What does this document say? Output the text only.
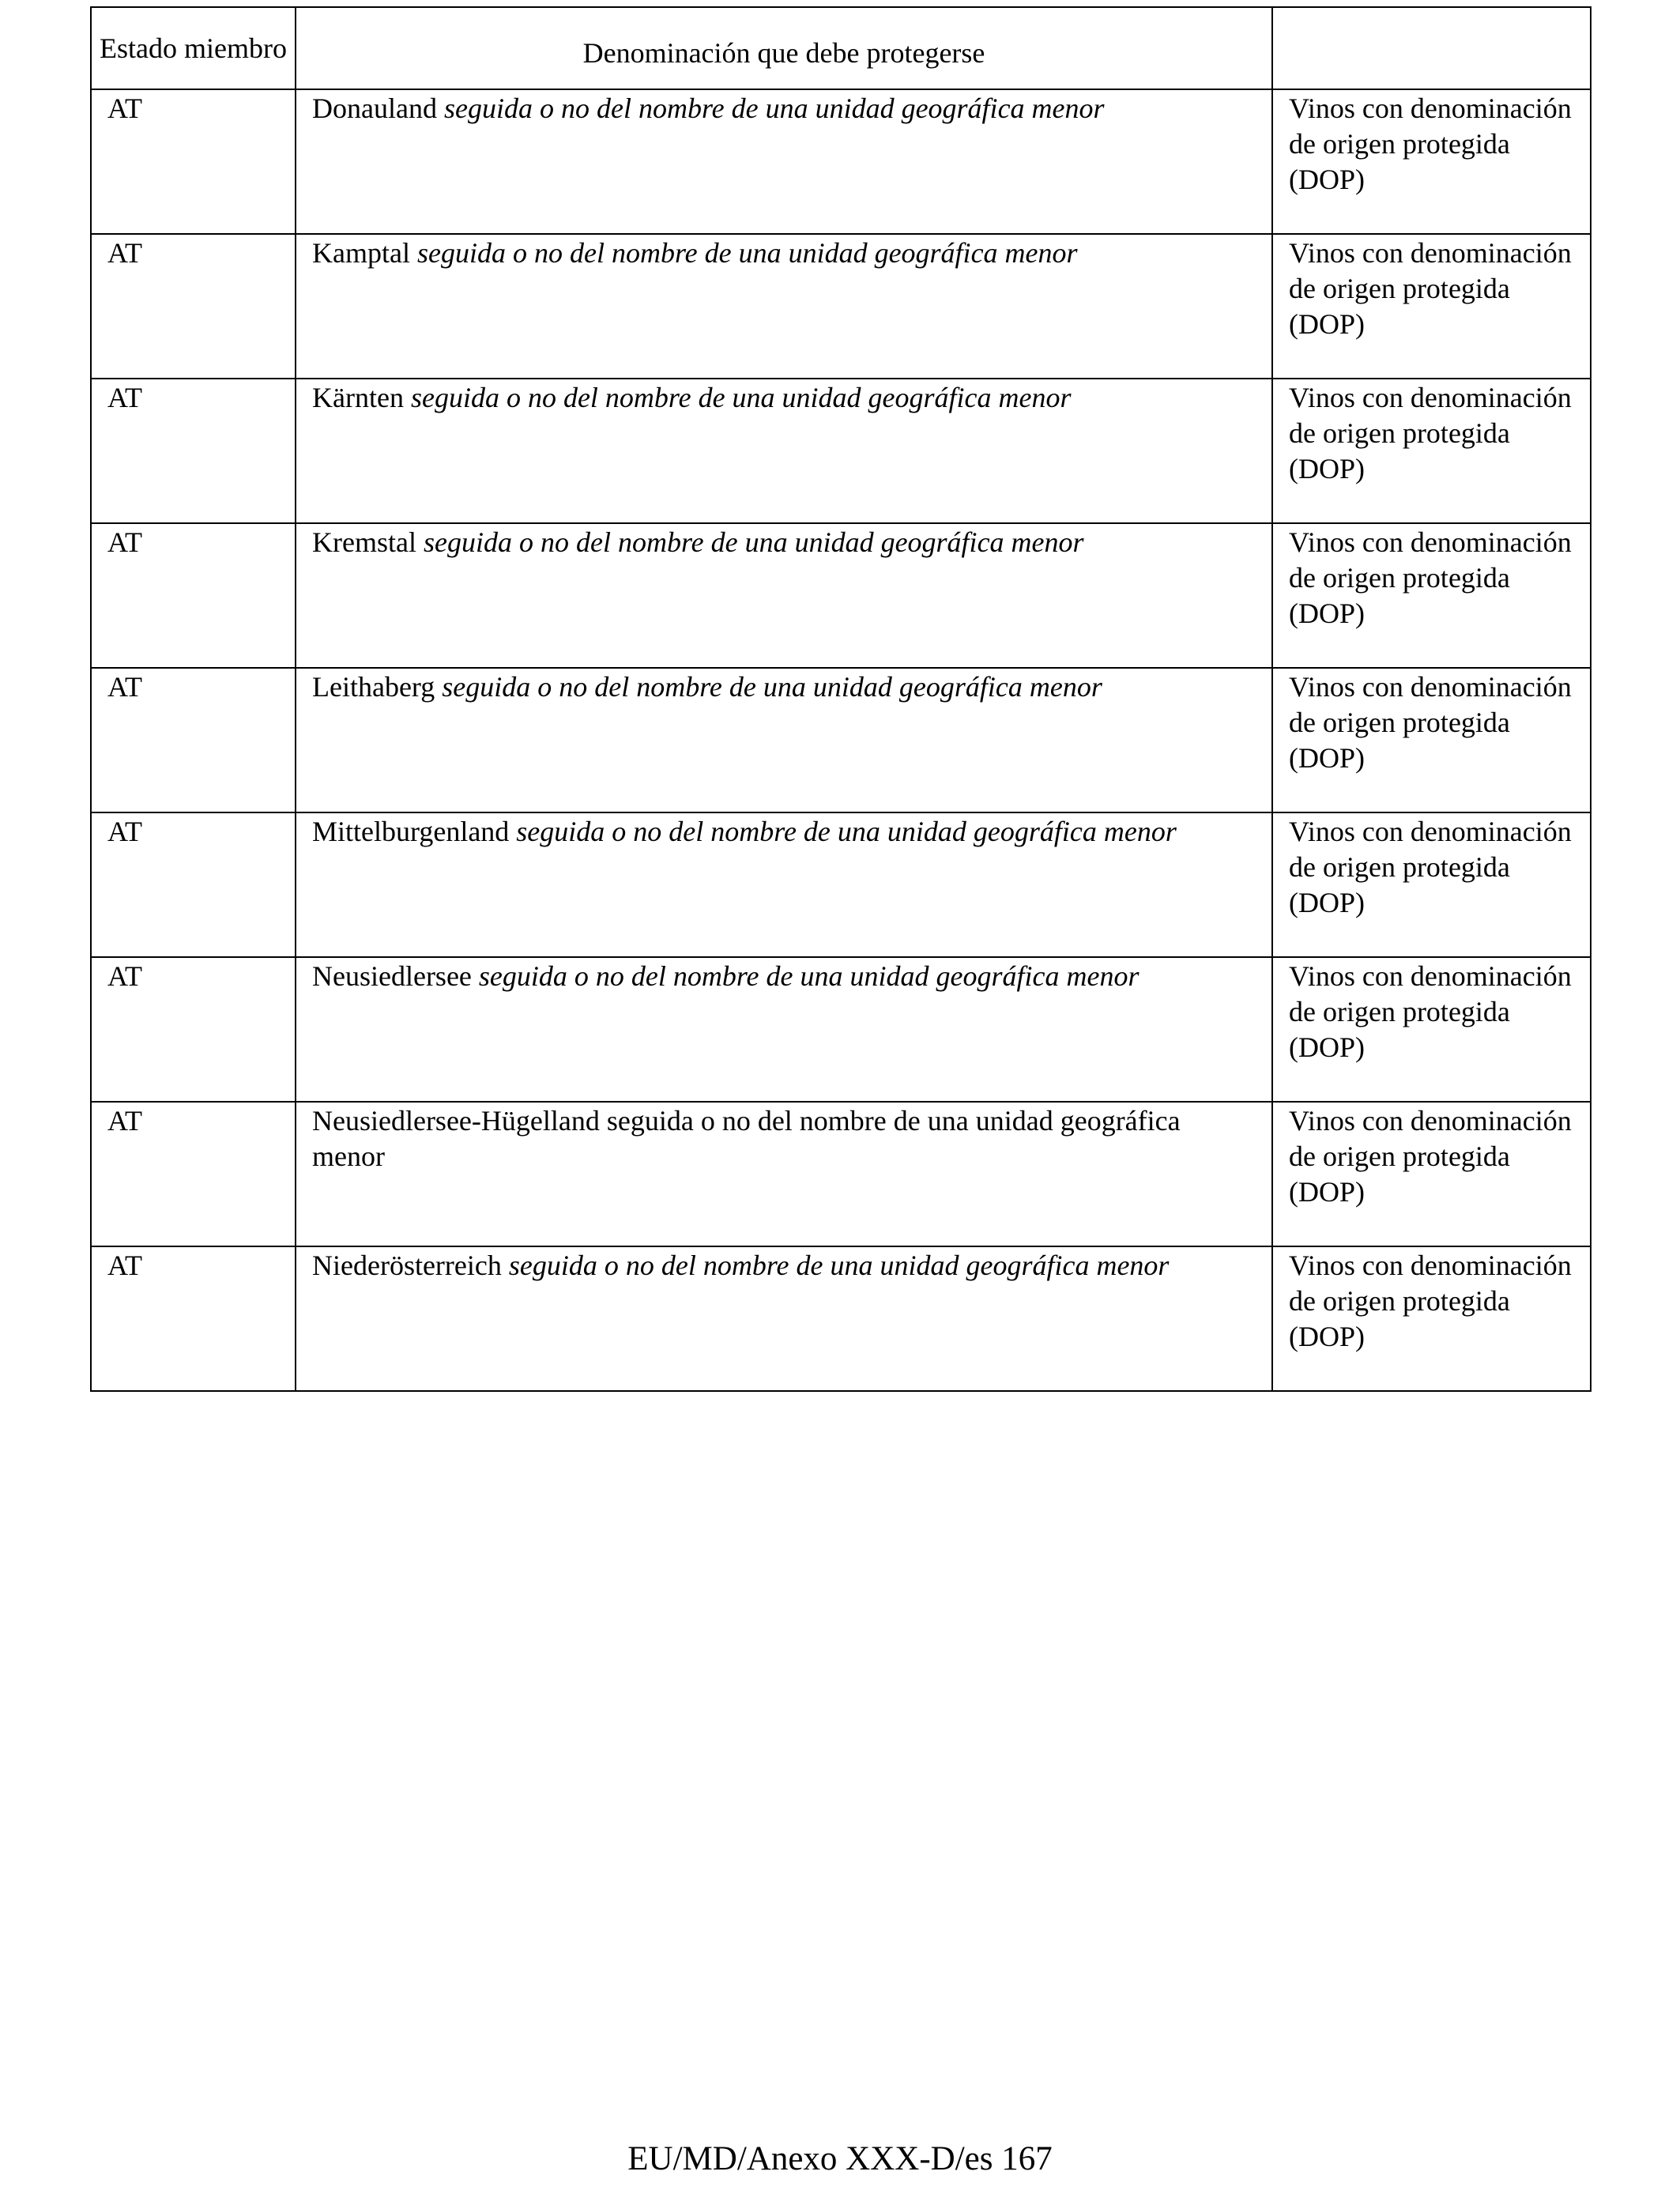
Estado miembro	Denominación que debe protegerse	
AT	Donauland seguida o no del nombre de una unidad geográfica menor	Vinos con denominación de origen protegida (DOP)
AT	Kamptal seguida o no del nombre de una unidad geográfica menor	Vinos con denominación de origen protegida (DOP)
AT	Kärnten seguida o no del nombre de una unidad geográfica menor	Vinos con denominación de origen protegida (DOP)
AT	Kremstal seguida o no del nombre de una unidad geográfica menor	Vinos con denominación de origen protegida (DOP)
AT	Leithaberg seguida o no del nombre de una unidad geográfica menor	Vinos con denominación de origen protegida (DOP)
AT	Mittelburgenland seguida o no del nombre de una unidad geográfica menor	Vinos con denominación de origen protegida (DOP)
AT	Neusiedlersee seguida o no del nombre de una unidad geográfica menor	Vinos con denominación de origen protegida (DOP)
AT	Neusiedlersee-Hügelland seguida o no del nombre de una unidad geográfica menor	Vinos con denominación de origen protegida (DOP)
AT	Niederösterreich seguida o no del nombre de una unidad geográfica menor	Vinos con denominación de origen protegida (DOP)
EU/MD/Anexo XXX-D/es 167
